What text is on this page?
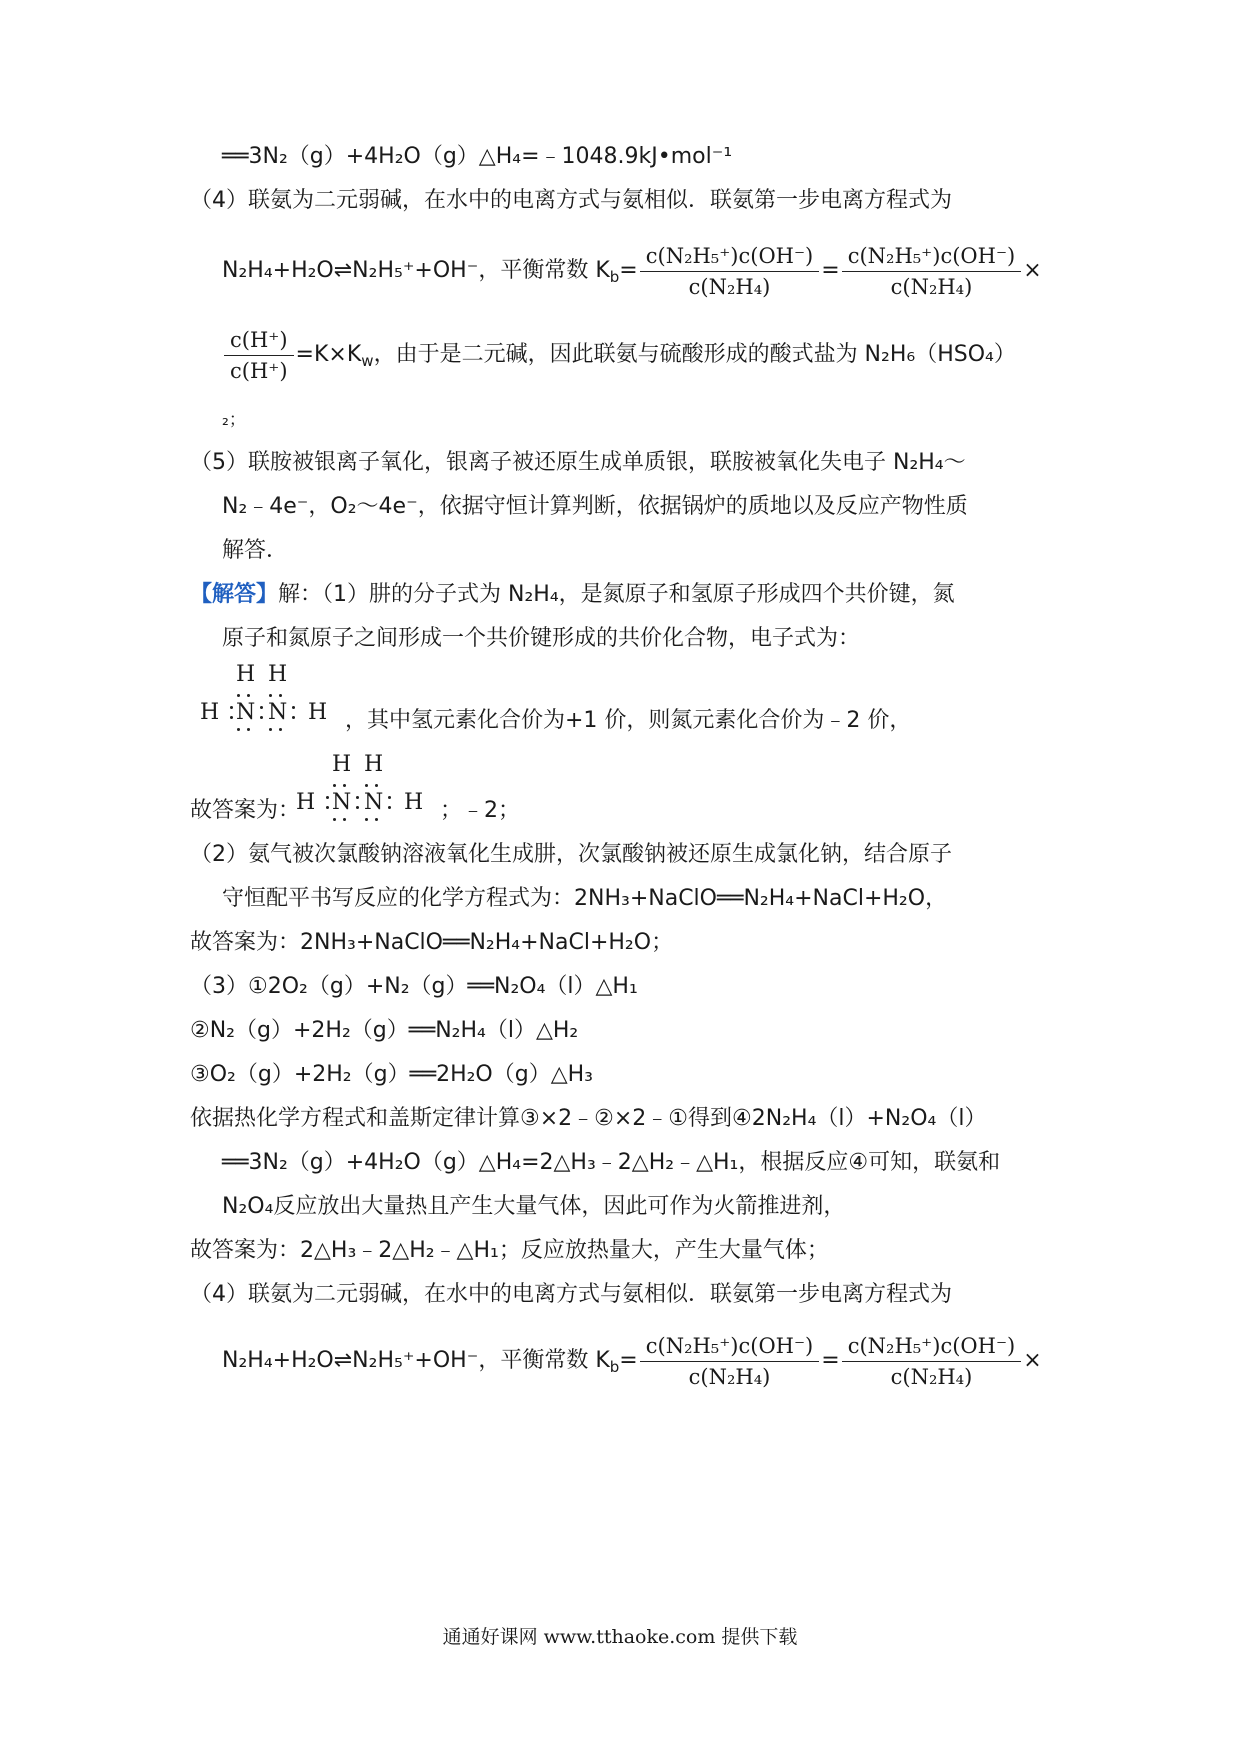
══3N₂（g）+4H₂O（g）△H₄=﹣1048.9kJ•mol⁻¹
（4）联氨为二元弱碱，在水中的电离方式与氨相似．联氨第一步电离方程式为
N₂H₄+H₂O⇌N₂H₅⁺+OH⁻，平衡常数 $K_b= \frac{\text{c(N₂H₅⁺)c(OH⁻)}}{\text{c(N₂H₄)}} = \frac{\text{c(N₂H₅⁺)c(OH⁻)}}{\text{c(N₂H₄)}}$ ×
$\frac{c(H^+)}{c(H^+)} =K\times K_w$，由于是二元碱，因此联氨与硫酸形成的酸式盐为 N₂H₆（HSO₄）
₂；
（5）联胺被银离子氧化，银离子被还原生成单质银，联胺被氧化失电子 N₂H₄～
N₂﹣4e⁻，O₂～4e⁻，依据守恒计算判断，依据锅炉的质地以及反应产物性质
解答．
【解答】解：（1）肼的分子式为 N₂H₄，是氮原子和氢原子形成四个共价键，氮
原子和氮原子之间形成一个共价键形成的共价化合物，电子式为：
H H
H N N H ，其中氢元素化合价为+1 价，则氮元素化合价为﹣2 价，
故答案为：
H H
H N N H ；﹣2；
（2）氨气被次氯酸钠溶液氧化生成肼，次氯酸钠被还原生成氯化钠，结合原子
守恒配平书写反应的化学方程式为：2NH₃+NaClO══N₂H₄+NaCl+H₂O，
故答案为：2NH₃+NaClO══N₂H₄+NaCl+H₂O；
（3）①2O₂（g）+N₂（g）══N₂O₄（l）△H₁
②N₂（g）+2H₂（g）══N₂H₄（l）△H₂
③O₂（g）+2H₂（g）══2H₂O（g）△H₃
依据热化学方程式和盖斯定律计算③×2﹣②×2﹣①得到④2N₂H₄（l）+N₂O₄（l）
══3N₂（g）+4H₂O（g）△H₄=2△H₃﹣2△H₂﹣△H₁，根据反应④可知，联氨和
N₂O₄反应放出大量热且产生大量气体，因此可作为火箭推进剂，
故答案为：2△H₃﹣2△H₂﹣△H₁；反应放热量大，产生大量气体；
（4）联氨为二元弱碱，在水中的电离方式与氨相似．联氨第一步电离方程式为
N₂H₄+H₂O⇌N₂H₅⁺+OH⁻，平衡常数 $K_b= \frac{\text{c(N₂H₅⁺)c(OH⁻)}}{\text{c(N₂H₄)}} = \frac{\text{c(N₂H₅⁺)c(OH⁻)}}{\text{c(N₂H₄)}}$ ×
通通好课网 www.tthaoke.com 提供下载
